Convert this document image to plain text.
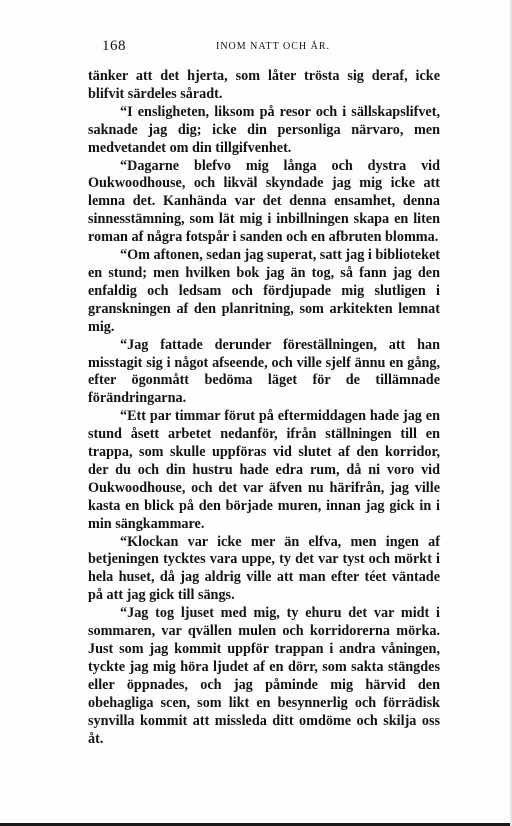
168	INOM NATT OCH ÅR.

tänker att det hjerta, som låter trösta sig deraf, icke blifvit särdeles såradt.

“I ensligheten, liksom på resor och i sällskapslifvet, saknade jag dig; icke din personliga närvaro, men medvetandet om din tillgifvenhet.

“Dagarne blefvo mig långa och dystra vid Oukwoodhouse, och likväl skyndade jag mig icke att lemna det. Kanhända var det denna ensamhet, denna sinnesstämning, som lät mig i inbillningen skapa en liten roman af några fotspår i sanden och en afbruten blomma.

“Om aftonen, sedan jag superat, satt jag i biblioteket en stund; men hvilken bok jag än tog, så fann jag den enfaldig och ledsam och fördjupade mig slutligen i granskningen af den planritning, som arkitekten lemnat mig.

“Jag fattade derunder föreställningen, att han misstagit sig i något afseende, och ville sjelf ännu en gång, efter ögonmått bedöma läget för de tillämnade förändringarna.

“Ett par timmar förut på eftermiddagen hade jag en stund åsett arbetet nedanför, ifrån ställningen till en trappa, som skulle uppföras vid slutet af den korridor, der du och din hustru hade edra rum, då ni voro vid Oukwoodhouse, och det var äfven nu härifrån, jag ville kasta en blick på den började muren, innan jag gick in i min sängkammare.

“Klockan var icke mer än elfva, men ingen af betjeningen tycktes vara uppe, ty det var tyst och mörkt i hela huset, då jag aldrig ville att man efter téet väntade på att jag gick till sängs.

“Jag tog ljuset med mig, ty ehuru det var midt i sommaren, var qvällen mulen och korridorerna mörka. Just som jag kommit uppför trappan i andra våningen, tyckte jag mig höra ljudet af en dörr, som sakta stängdes eller öppnades, och jag påminde mig härvid den obehagliga scen, som likt en besynnerlig och förrädisk synvilla kommit att missleda ditt omdöme och skilja oss åt.
